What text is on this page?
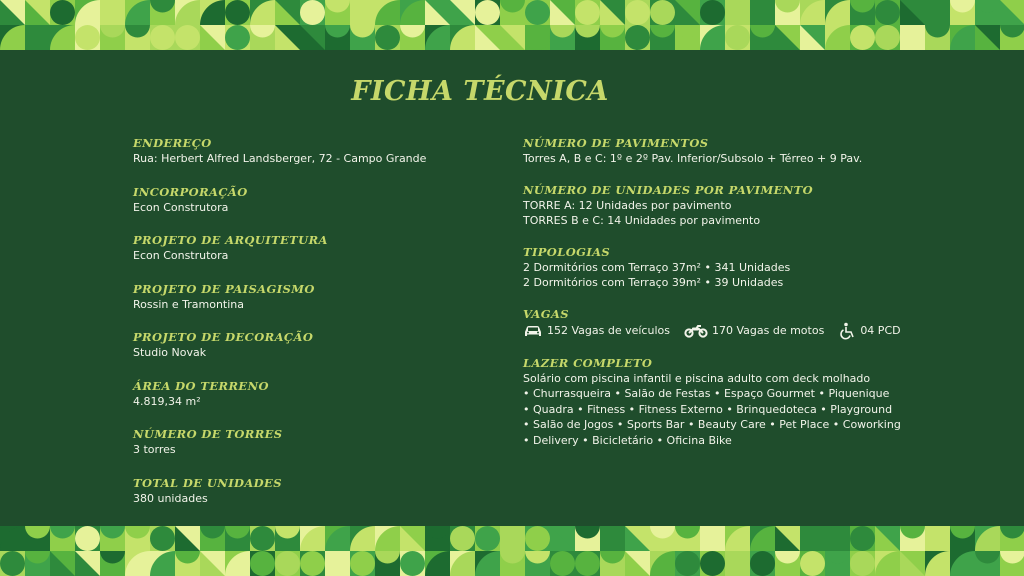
FICHA TÉCNICA
ENDEREÇO
Rua: Herbert Alfred Landsberger, 72 - Campo Grande
INCORPORAÇÃO
Econ Construtora
PROJETO DE ARQUITETURA
Econ Construtora
PROJETO DE PAISAGISMO
Rossin e Tramontina
PROJETO DE DECORAÇÃO
Studio Novak
ÁREA DO TERRENO
4.819,34 m²
NÚMERO DE TORRES
3 torres
TOTAL DE UNIDADES
380 unidades
NÚMERO DE PAVIMENTOS
Torres A, B e C: 1º e 2º Pav. Inferior/Subsolo + Térreo + 9 Pav.
NÚMERO DE UNIDADES POR PAVIMENTO
TORRE A: 12 Unidades por pavimento
TORRES B e C: 14 Unidades por pavimento
TIPOLOGIAS
2 Dormitórios com Terraço 37m² • 341 Unidades
2 Dormitórios com Terraço 39m² • 39 Unidades
VAGAS
152 Vagas de veículos	170 Vagas de motos	04 PCD
LAZER COMPLETO
Solário com piscina infantil e piscina adulto com deck molhado
• Churrasqueira • Salão de Festas • Espaço Gourmet • Piquenique
• Quadra • Fitness • Fitness Externo • Brinquedoteca • Playground
• Salão de Jogos • Sports Bar • Beauty Care • Pet Place • Coworking
• Delivery • Bicicletário • Oficina Bike
